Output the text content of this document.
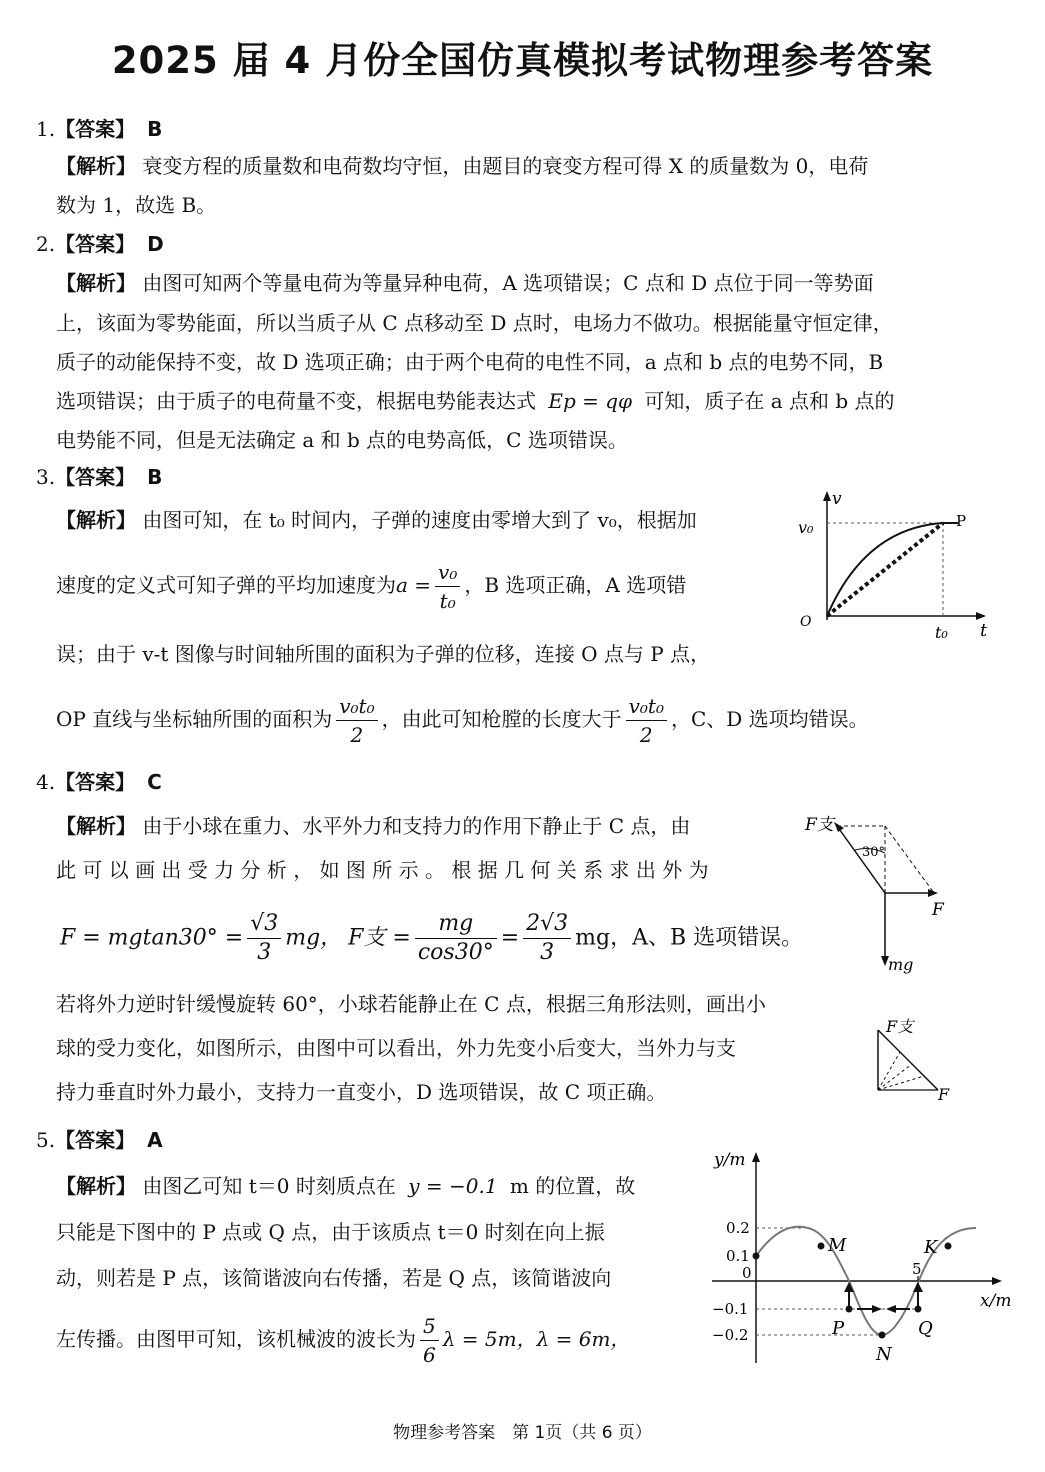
2025 届 4 月份全国仿真模拟考试物理参考答案
1.【答案】 B
【解析】 衰变方程的质量数和电荷数均守恒，由题目的衰变方程可得 X 的质量数为 0，电荷
数为 1，故选 B。
2.【答案】 D
【解析】 由图可知两个等量电荷为等量异种电荷，A 选项错误；C 点和 D 点位于同一等势面
上，该面为零势能面，所以当质子从 C 点移动至 D 点时，电场力不做功。根据能量守恒定律，
质子的动能保持不变，故 D 选项正确；由于两个电荷的电性不同，a 点和 b 点的电势不同，B
选项错误；由于质子的电荷量不变，根据电势能表达式 Ep = qφ 可知，质子在 a 点和 b 点的
电势能不同，但是无法确定 a 和 b 点的电势高低，C 选项错误。
3.【答案】 B
【解析】 由图可知，在 t₀ 时间内，子弹的速度由零增大到了 v₀，根据加
速度的定义式可知子弹的平均加速度为$a = \frac{\text{v₀}}{\text{t₀}}$ ，B 选项正确，A 选项错
误；由于 v-t 图像与时间轴所围的面积为子弹的位移，连接 O 点与 P 点，
OP 直线与坐标轴所围的面积为 $\frac{\text{v₀t₀}}{2}$ ，由此可知枪膛的长度大于 $\frac{\text{v₀t₀}}{2}$ ，C、D 选项均错误。
v
v₀	P
O
t₀ t
4.【答案】 C
【解析】 由于小球在重力、水平外力和支持力的作用下静止于 C 点，由
此 可 以 画 出 受 力 分 析 ， 如 图 所 示 。 根 据 几 何 关 系 求 出 外 为
$F = mgtan30^\circ = \frac{√3}{3}$ mg， F支 = $\frac{mg}{\cos 30^\circ} = \frac{2√3}{3}$ mg，A、B 选项错误。
若将外力逆时针缓慢旋转 60°，小球若能静止在 C 点，根据三角形法则，画出小
球的受力变化，如图所示，由图中可以看出，外力先变小后变大，当外力与支
持力垂直时外力最小，支持力一直变小，D 选项错误，故 C 项正确。
F支
30°
F
mg
F支
F
5.【答案】 A
【解析】 由图乙可知 t＝0 时刻质点在 y = −0.1 m 的位置，故
只能是下图中的 P 点或 Q 点，由于该质点 t＝0 时刻在向上振
动，则若是 P 点，该简谐波向右传播，若是 Q 点，该简谐波向
左传播。由图甲可知，该机械波的波长为 $\frac{5}{6}$ λ = 5m，λ = 6m，
y/m
x/m
0.2
0.1
0
−0.1
−0.2
M	K
P	Q
N
5
物理参考答案　第 1页（共 6 页）
